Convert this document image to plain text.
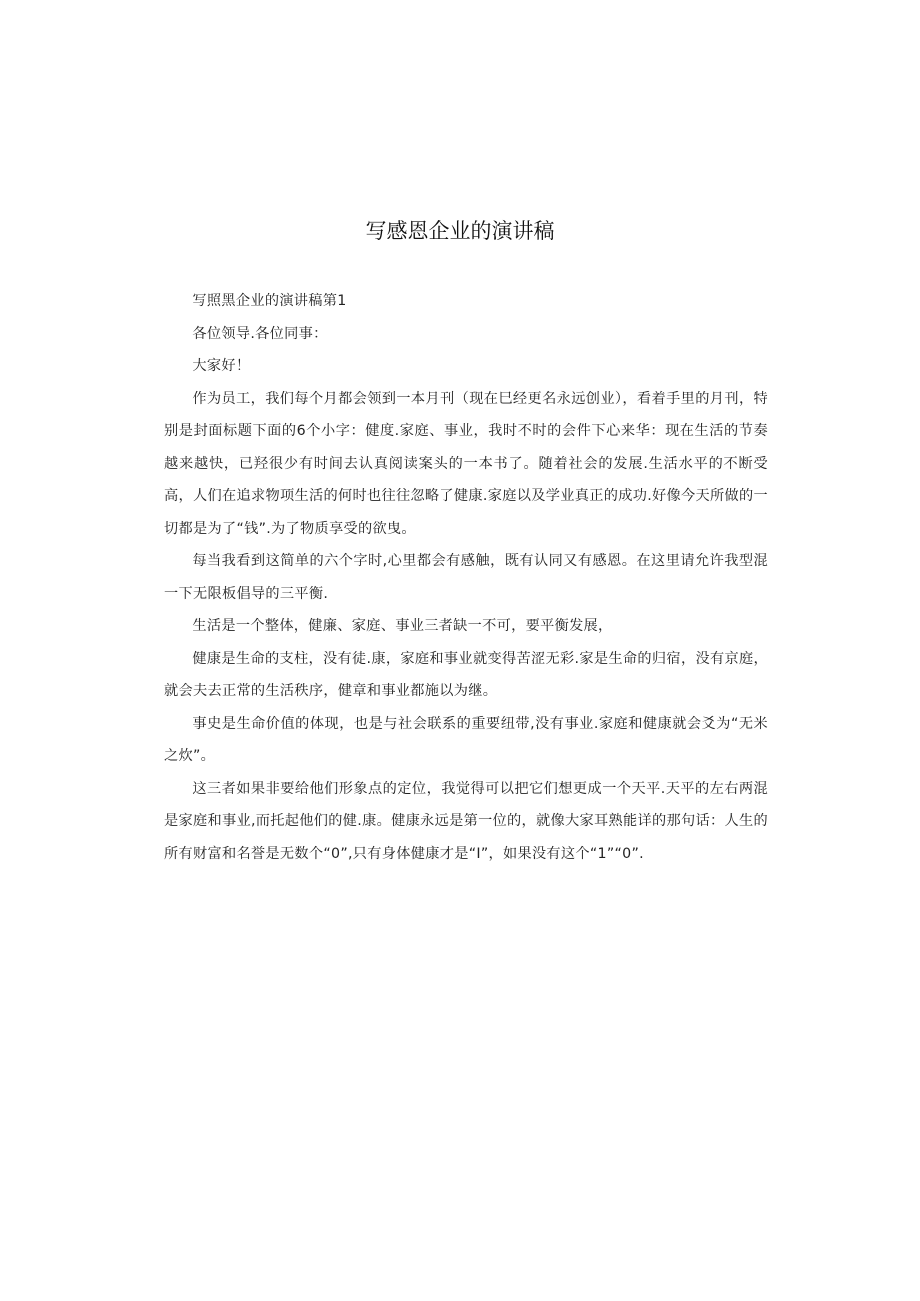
写感恩企业的演讲稿

写照黑企业的演讲稿第1

各位领导.各位同事：

大家好！

作为员工，我们每个月都会领到一本月刊（现在巳经更名永远创业），看着手里的月刊，特别是封面标题下面的6个小字：健度.家庭、事业，我时不时的会件下心来华：现在生活的节奏越来越快，已羟很少有时间去认真阅读案头的一本书了。随着社会的发展.生活水平的不断受高，人们在追求物项生活的何时也往往忽略了健康.家庭以及学业真正的成功.好像今天所做的一切都是为了“钱”.为了物质享受的欲曳。

每当我看到这简单的六个字时,心里都会有感触，既有认同又有感恩。在这里请允许我型混一下无限板倡导的三平衡.

生活是一个整体，健廉、家庭、事业三者缺一不可，要平衡发展，

健康是生命的支柱，没有徒.康，家庭和事业就变得苦涩无彩.家是生命的归宿，没有京庭，就会夫去正常的生活秩序，健章和事业都施以为继。

事史是生命价值的体现，也是与社会联系的重要纽带,没有事业.家庭和健康就会爻为“无米之炊”。

这三者如果非要给他们形象点的定位，我觉得可以把它们想更成一个天平.天平的左右两混是家庭和事业,而托起他们的健.康。健康永远是第一位的，就像大家耳熟能详的那句话：人生的所有财富和名誉是无数个“0”,只有身体健康才是“I”，如果没有这个“1”“0”.
